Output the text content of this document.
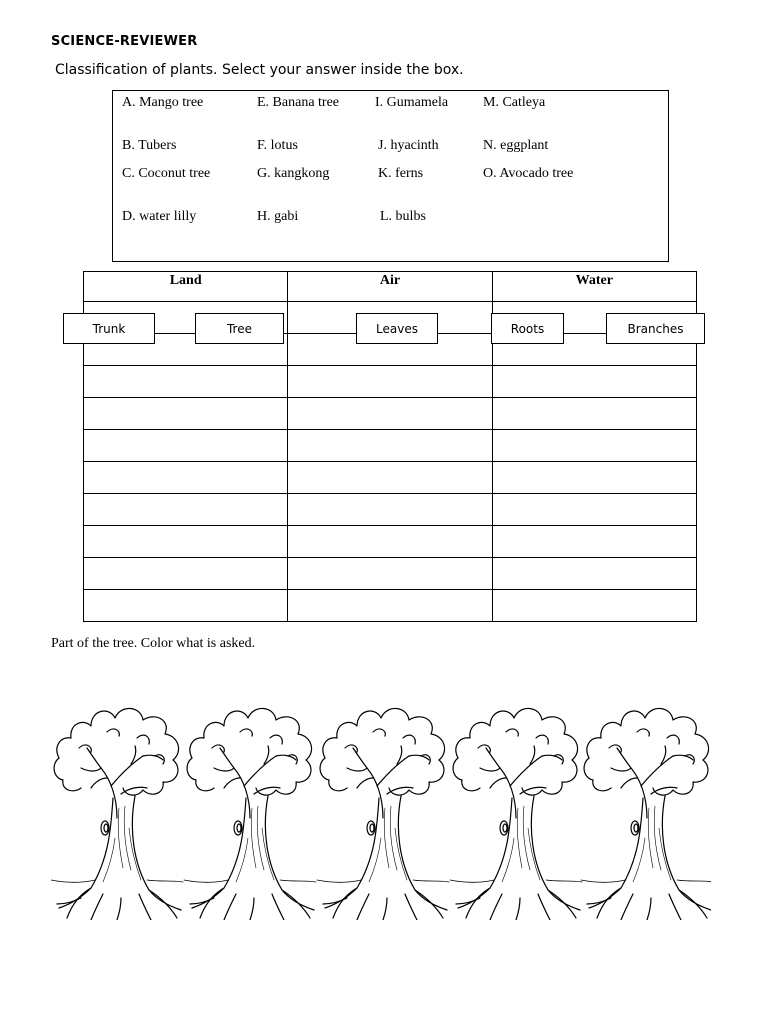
SCIENCE-REVIEWER
Classification of plants. Select your answer inside the box.
A. Mango tree	E. Banana tree	I. Gumamela M. Catleya
B. Tubers	F. lotus	J. hyacinth	N. eggplant
C. Coconut tree	G. kangkong	K. ferns	O. Avocado tree
D. water lilly	H. gabi	L. bulbs
Land	Air	Water

Trunk	Tree	Leaves	Roots	Branches
Part of the tree. Color what is asked.
